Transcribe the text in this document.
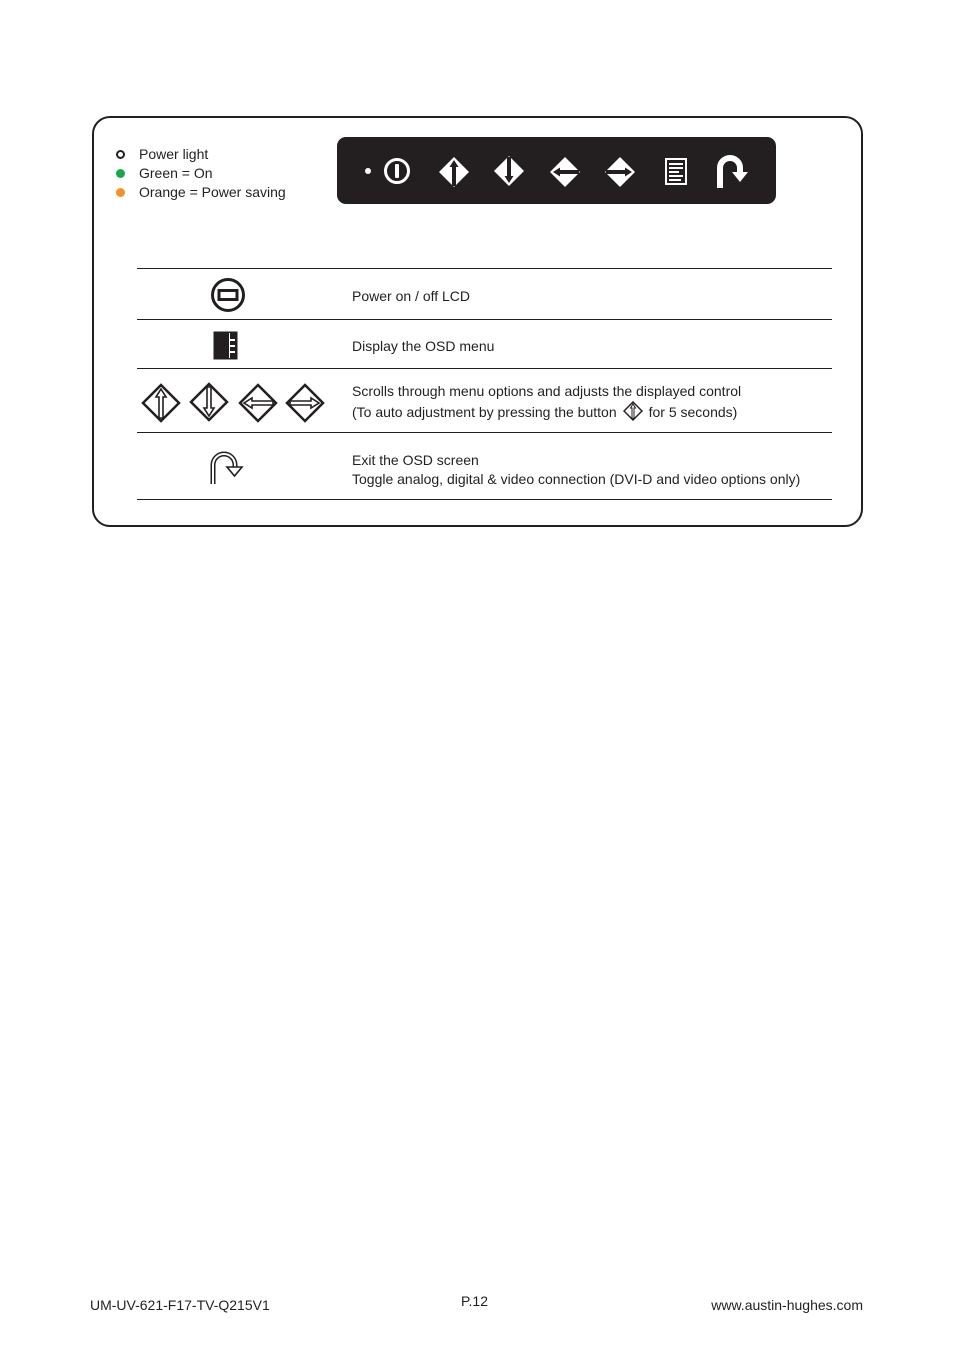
Power light
Green = On
Orange = Power saving
Power on / off LCD
Display the OSD menu
Scrolls through menu options and adjusts the displayed control
(To auto adjustment by pressing the button for 5 seconds)
Exit the OSD screen
Toggle analog, digital & video connection (DVI-D and video options only)
UM-UV-621-F17-TV-Q215V1	P.12	www.austin-hughes.com
